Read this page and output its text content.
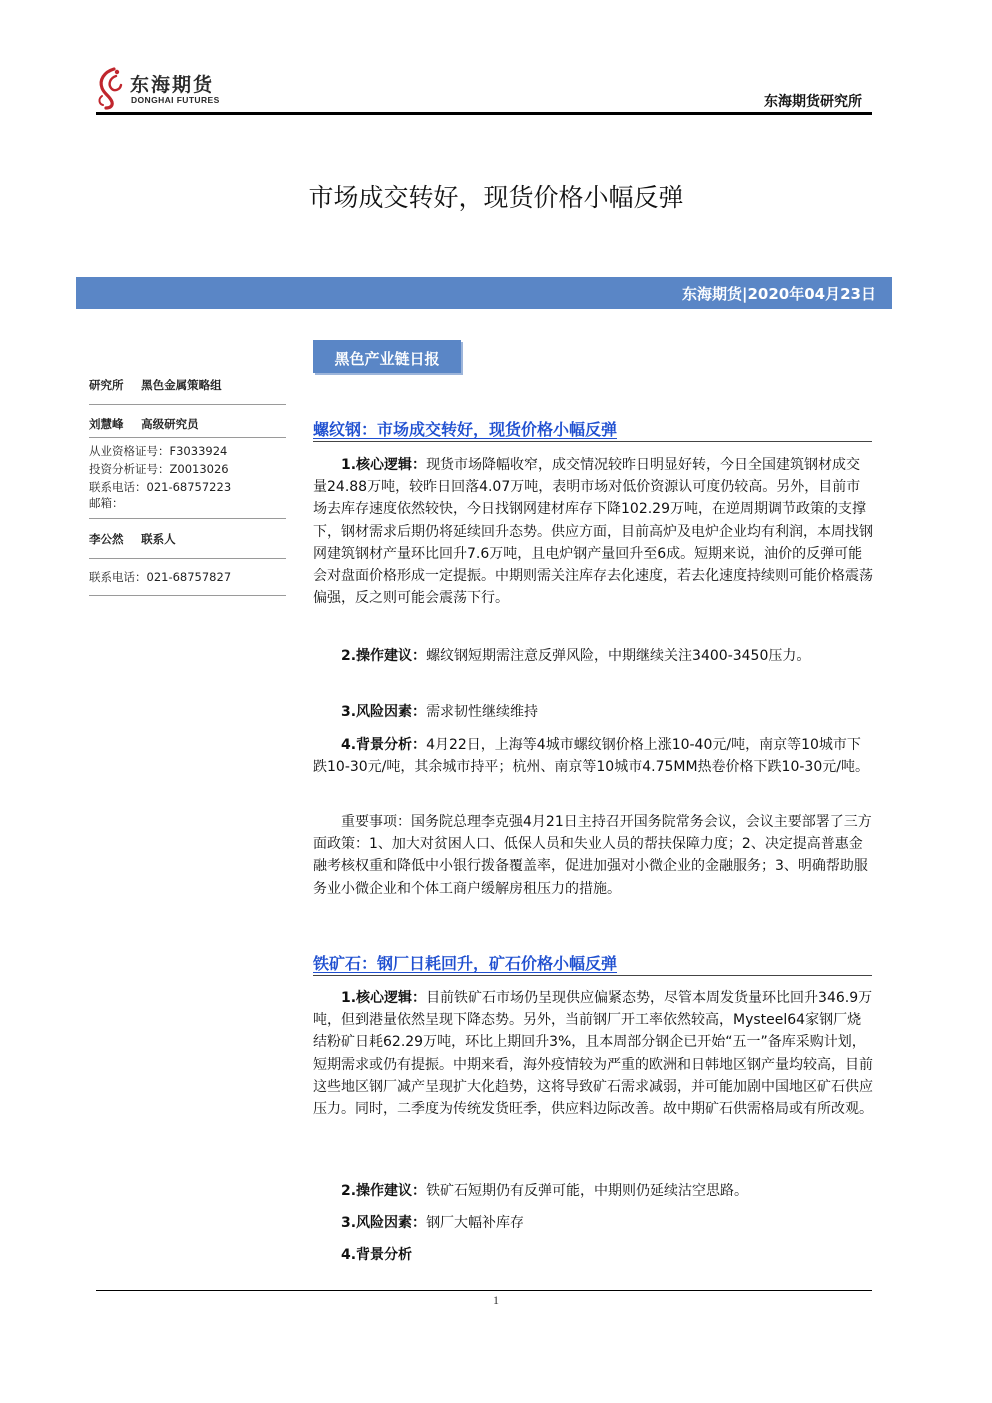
东海期货
DONGHAI FUTURES	东海期货研究所
市场成交转好，现货价格小幅反弹
东海期货|2020年04月23日
黑色产业链日报
研究所 黑色金属策略组
刘慧峰 高级研究员
从业资格证号：F3033924
投资分析证号：Z0013026
联系电话：021-68757223
邮箱：
李公然 联系人
联系电话：021-68757827
螺纹钢：市场成交转好，现货价格小幅反弹

1.核心逻辑：现货市场降幅收窄，成交情况较昨日明显好转，今日全国建筑钢材成交量24.88万吨，较昨日回落4.07万吨，表明市场对低价资源认可度仍较高。另外，目前市场去库存速度依然较快，今日找钢网建材库存下降102.29万吨，在逆周期调节政策的支撑下，钢材需求后期仍将延续回升态势。供应方面，目前高炉及电炉企业均有利润，本周找钢网建筑钢材产量环比回升7.6万吨，且电炉钢产量回升至6成。短期来说，油价的反弹可能会对盘面价格形成一定提振。中期则需关注库存去化速度，若去化速度持续则可能价格震荡偏强，反之则可能会震荡下行。

2.操作建议：螺纹钢短期需注意反弹风险，中期继续关注3400-3450压力。

3.风险因素：需求韧性继续维持

4.背景分析：4月22日，上海等4城市螺纹钢价格上涨10-40元/吨，南京等10城市下跌10-30元/吨，其余城市持平；杭州、南京等10城市4.75MM热卷价格下跌10-30元/吨。

重要事项：国务院总理李克强4月21日主持召开国务院常务会议，会议主要部署了三方面政策：1、加大对贫困人口、低保人员和失业人员的帮扶保障力度；2、决定提高普惠金融考核权重和降低中小银行拨备覆盖率，促进加强对小微企业的金融服务；3、明确帮助服务业小微企业和个体工商户缓解房租压力的措施。

铁矿石：钢厂日耗回升，矿石价格小幅反弹

1.核心逻辑：目前铁矿石市场仍呈现供应偏紧态势，尽管本周发货量环比回升346.9万吨，但到港量依然呈现下降态势。另外，当前钢厂开工率依然较高，Mysteel64家钢厂烧结粉矿日耗62.29万吨，环比上期回升3%，且本周部分钢企已开始“五一”备库采购计划，短期需求或仍有提振。中期来看，海外疫情较为严重的欧洲和日韩地区钢产量均较高，目前这些地区钢厂减产呈现扩大化趋势，这将导致矿石需求减弱，并可能加剧中国地区矿石供应压力。同时，二季度为传统发货旺季，供应料边际改善。故中期矿石供需格局或有所改观。

2.操作建议：铁矿石短期仍有反弹可能，中期则仍延续沽空思路。

3.风险因素：钢厂大幅补库存

4.背景分析

1
